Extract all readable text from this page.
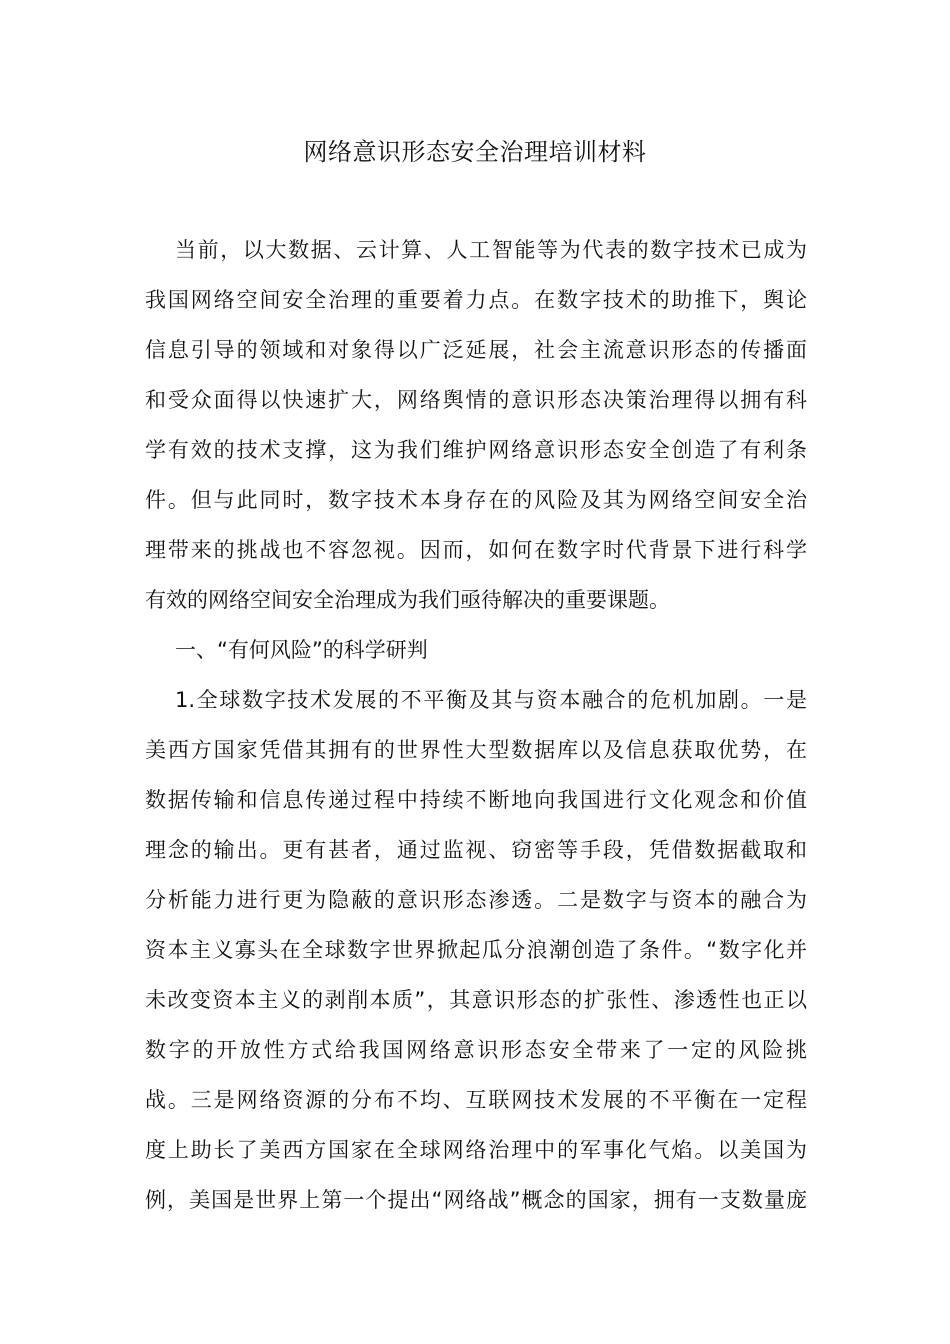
网络意识形态安全治理培训材料
当前，以大数据、云计算、人工智能等为代表的数字技术已成为
我国网络空间安全治理的重要着力点。在数字技术的助推下，舆论
信息引导的领域和对象得以广泛延展，社会主流意识形态的传播面
和受众面得以快速扩大，网络舆情的意识形态决策治理得以拥有科
学有效的技术支撑，这为我们维护网络意识形态安全创造了有利条
件。但与此同时，数字技术本身存在的风险及其为网络空间安全治
理带来的挑战也不容忽视。因而，如何在数字时代背景下进行科学
有效的网络空间安全治理成为我们亟待解决的重要课题。
一、“有何风险”的科学研判
1.全球数字技术发展的不平衡及其与资本融合的危机加剧。一是
美西方国家凭借其拥有的世界性大型数据库以及信息获取优势，在
数据传输和信息传递过程中持续不断地向我国进行文化观念和价值
理念的输出。更有甚者，通过监视、窃密等手段，凭借数据截取和
分析能力进行更为隐蔽的意识形态渗透。二是数字与资本的融合为
资本主义寡头在全球数字世界掀起瓜分浪潮创造了条件。“数字化并
未改变资本主义的剥削本质”，其意识形态的扩张性、渗透性也正以
数字的开放性方式给我国网络意识形态安全带来了一定的风险挑
战。三是网络资源的分布不均、互联网技术发展的不平衡在一定程
度上助长了美西方国家在全球网络治理中的军事化气焰。以美国为
例，美国是世界上第一个提出“网络战”概念的国家，拥有一支数量庞
